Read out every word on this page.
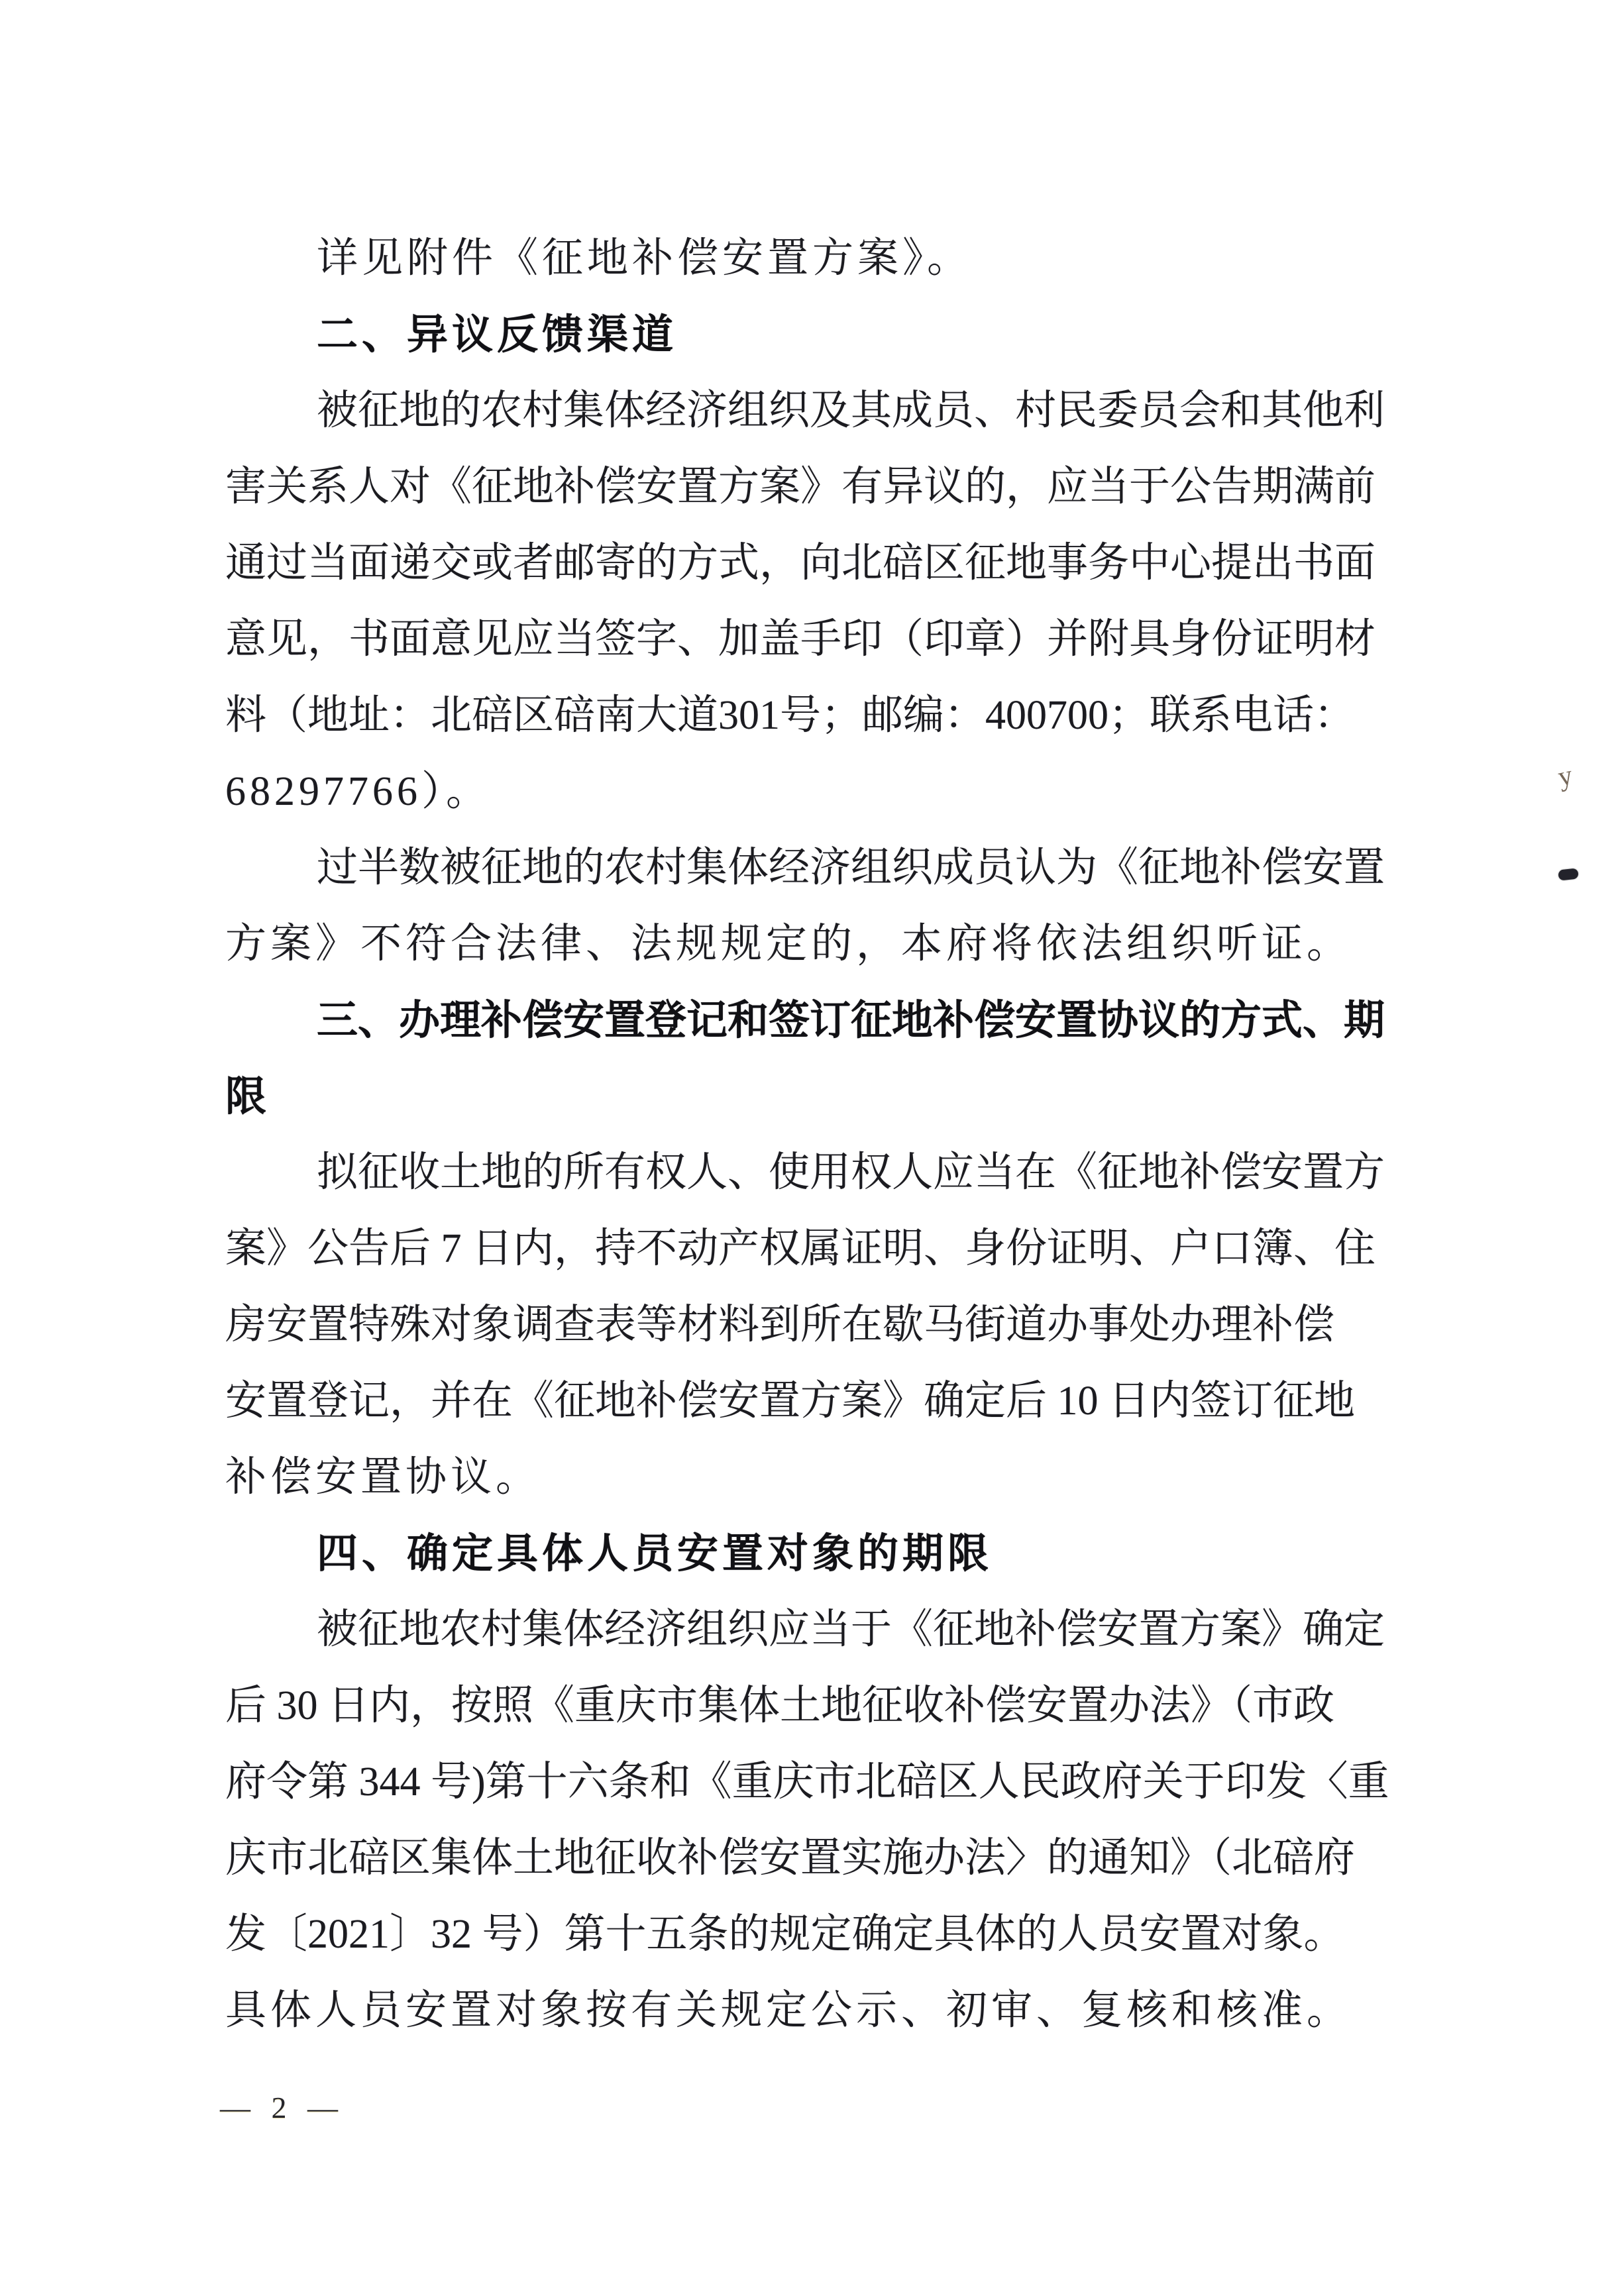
详见附件《征地补偿安置方案》。
二、异议反馈渠道
被征地的农村集体经济组织及其成员、村民委员会和其他利
害关系人对《征地补偿安置方案》有异议的，应当于公告期满前
通过当面递交或者邮寄的方式，向北碚区征地事务中心提出书面
意见，书面意见应当签字、加盖手印（印章）并附具身份证明材
料（地址：北碚区碚南大道301号；邮编：400700；联系电话：
68297766）。
过半数被征地的农村集体经济组织成员认为《征地补偿安置
方案》不符合法律、法规规定的，本府将依法组织听证。
三、办理补偿安置登记和签订征地补偿安置协议的方式、期
限
拟征收土地的所有权人、使用权人应当在《征地补偿安置方
案》公告后 7 日内，持不动产权属证明、身份证明、户口簿、住
房安置特殊对象调查表等材料到所在歇马街道办事处办理补偿
安置登记，并在《征地补偿安置方案》确定后 10 日内签订征地
补偿安置协议。
四、确定具体人员安置对象的期限
被征地农村集体经济组织应当于《征地补偿安置方案》确定
后 30 日内，按照《重庆市集体土地征收补偿安置办法》（市政
府令第 344 号)第十六条和《重庆市北碚区人民政府关于印发〈重
庆市北碚区集体土地征收补偿安置实施办法〉的通知》（北碚府
发〔2021〕32 号）第十五条的规定确定具体的人员安置对象。
具体人员安置对象按有关规定公示、初审、复核和核准。
— 2 —
y
